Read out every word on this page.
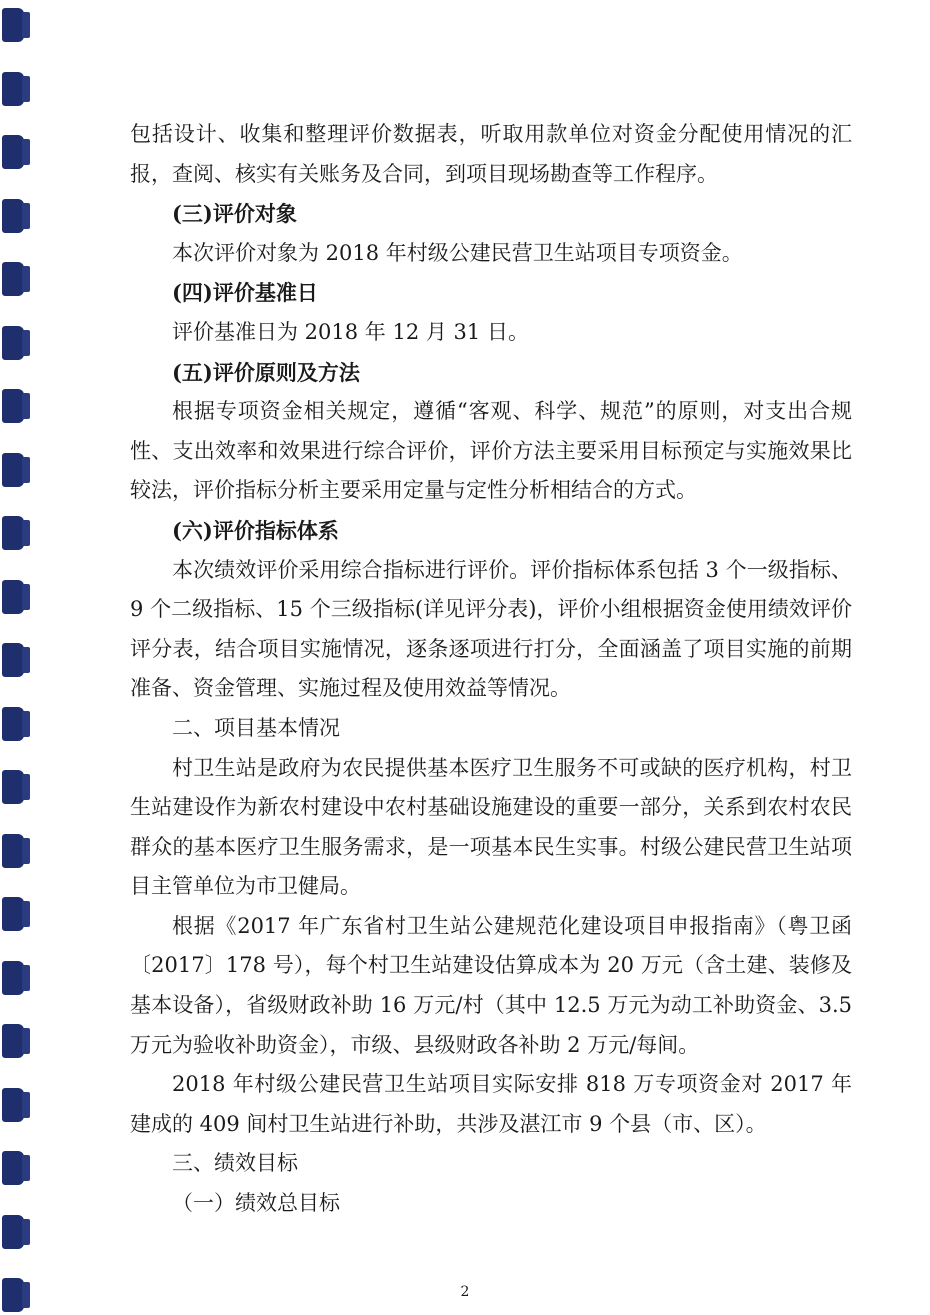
包括设计、收集和整理评价数据表，听取用款单位对资金分配使用情况的汇报，查阅、核实有关账务及合同，到项目现场勘查等工作程序。

(三)评价对象

本次评价对象为 2018 年村级公建民营卫生站项目专项资金。

(四)评价基准日

评价基准日为 2018 年 12 月 31 日。

(五)评价原则及方法

根据专项资金相关规定，遵循“客观、科学、规范”的原则，对支出合规性、支出效率和效果进行综合评价，评价方法主要采用目标预定与实施效果比较法，评价指标分析主要采用定量与定性分析相结合的方式。

(六)评价指标体系

本次绩效评价采用综合指标进行评价。评价指标体系包括 3 个一级指标、9 个二级指标、15 个三级指标(详见评分表)，评价小组根据资金使用绩效评价评分表，结合项目实施情况，逐条逐项进行打分，全面涵盖了项目实施的前期准备、资金管理、实施过程及使用效益等情况。

二、项目基本情况

村卫生站是政府为农民提供基本医疗卫生服务不可或缺的医疗机构，村卫生站建设作为新农村建设中农村基础设施建设的重要一部分，关系到农村农民群众的基本医疗卫生服务需求，是一项基本民生实事。村级公建民营卫生站项目主管单位为市卫健局。

根据《2017 年广东省村卫生站公建规范化建设项目申报指南》（粤卫函〔2017〕178 号），每个村卫生站建设估算成本为 20 万元（含土建、装修及基本设备），省级财政补助 16 万元/村（其中 12.5 万元为动工补助资金、3.5 万元为验收补助资金），市级、县级财政各补助 2 万元/每间。

2018 年村级公建民营卫生站项目实际安排 818 万专项资金对 2017 年建成的 409 间村卫生站进行补助，共涉及湛江市 9 个县（市、区）。

三、绩效目标

（一）绩效总目标

2
